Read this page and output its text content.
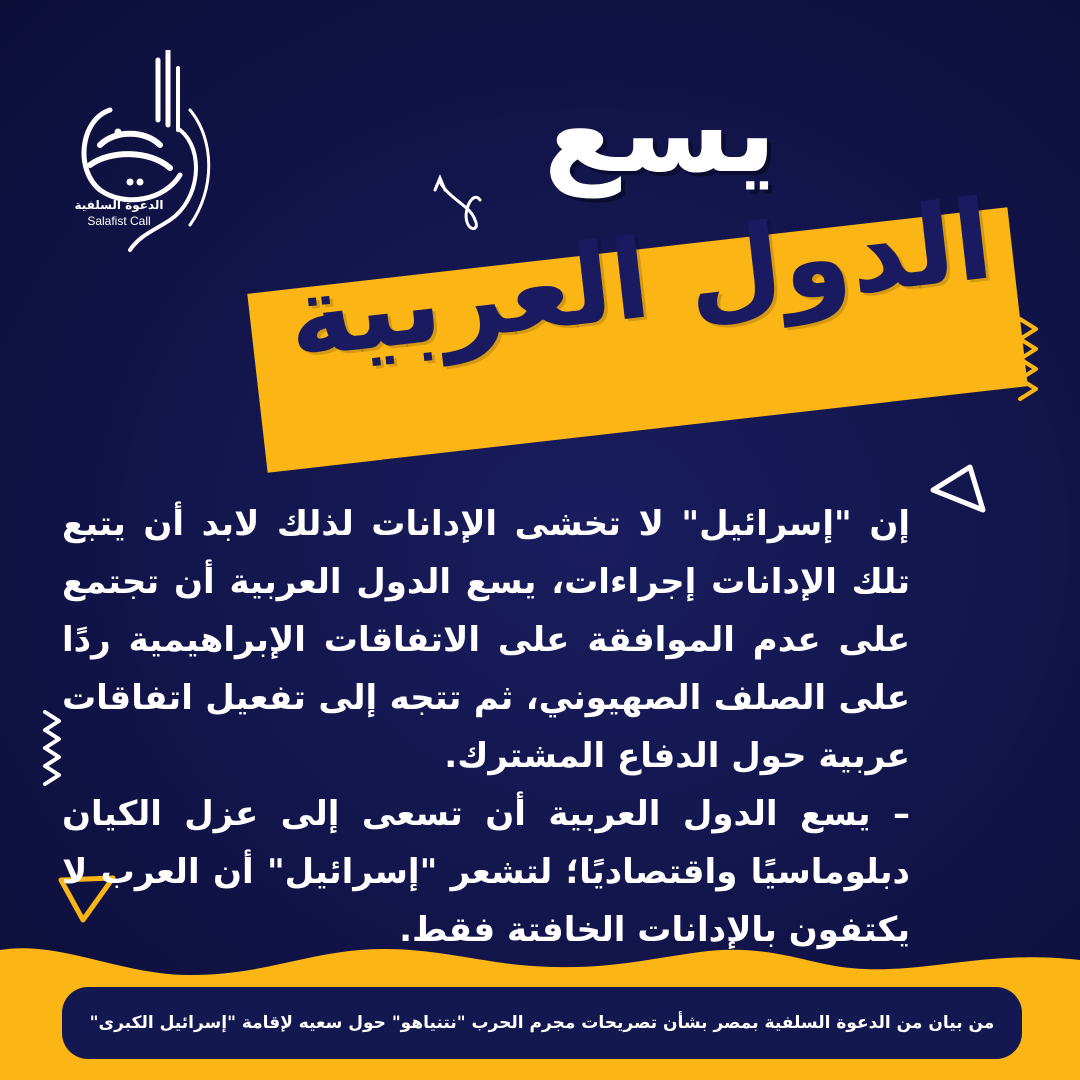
الدعوة السلفية
Salafist Call
يسع
الدول العربية

إن "إسرائيل" لا تخشى الإدانات لذلك لابد أن يتبع تلك الإدانات إجراءات، يسع الدول العربية أن تجتمع على عدم الموافقة على الاتفاقات الإبراهيمية ردًا على الصلف الصهيوني، ثم تتجه إلى تفعيل اتفاقات عربية حول الدفاع المشترك.

– يسع الدول العربية أن تسعى إلى عزل الكيان دبلوماسيًا واقتصاديًا؛ لتشعر "إسرائيل" أن العرب لا يكتفون بالإدانات الخافتة فقط.

من بيان من الدعوة السلفية بمصر بشأن تصريحات مجرم الحرب "نتنياهو" حول سعيه لإقامة "إسرائيل الكبرى"
